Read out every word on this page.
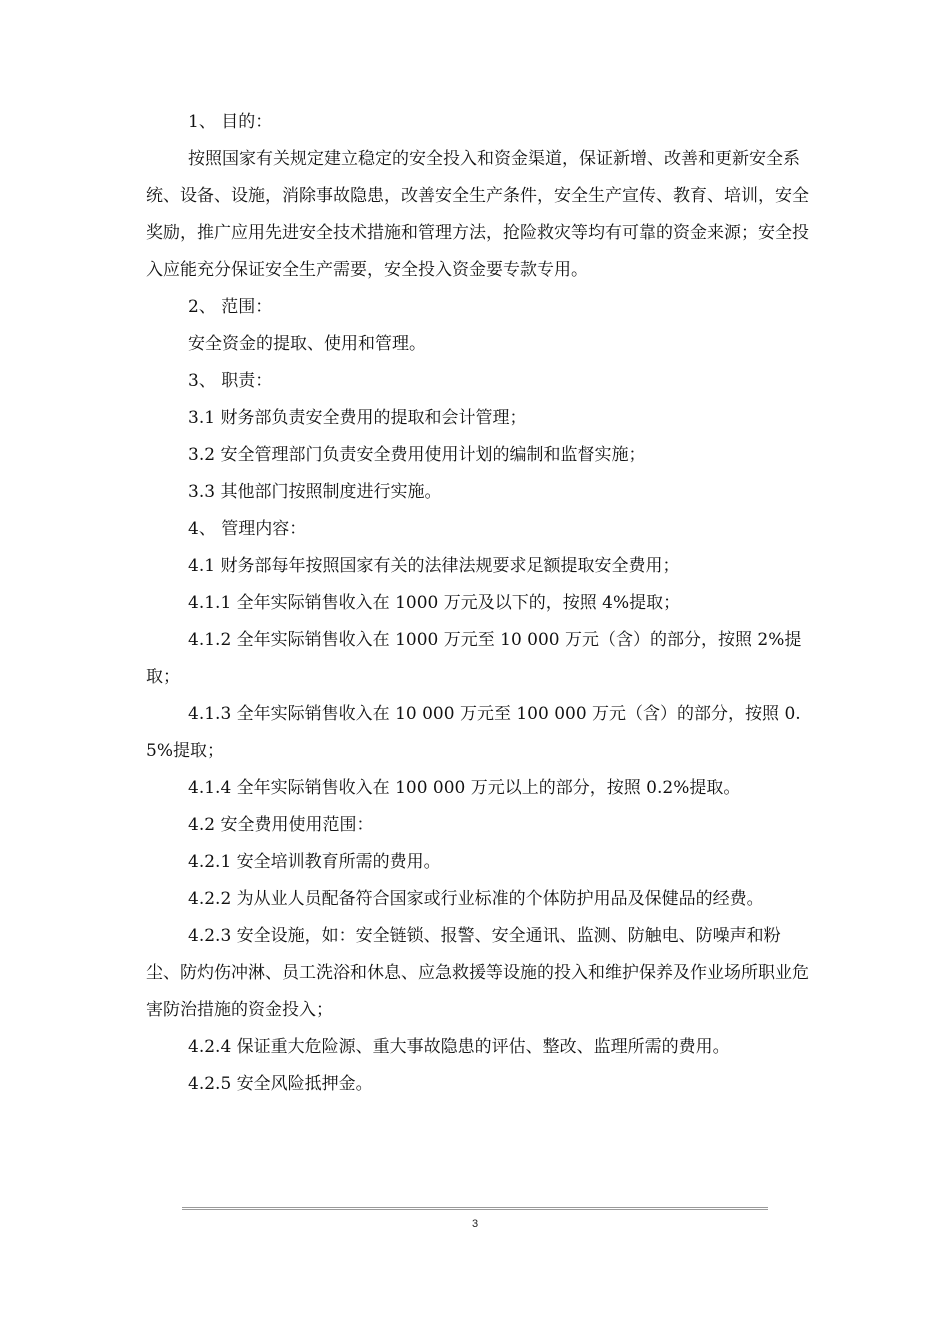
1、 目的：

按照国家有关规定建立稳定的安全投入和资金渠道，保证新增、改善和更新安全系统、设备、设施，消除事故隐患，改善安全生产条件，安全生产宣传、教育、培训，安全奖励，推广应用先进安全技术措施和管理方法，抢险救灾等均有可靠的资金来源；安全投入应能充分保证安全生产需要，安全投入资金要专款专用。

2、 范围：

安全资金的提取、使用和管理。

3、 职责：

3.1 财务部负责安全费用的提取和会计管理；

3.2 安全管理部门负责安全费用使用计划的编制和监督实施；

3.3 其他部门按照制度进行实施。

4、 管理内容：

4.1 财务部每年按照国家有关的法律法规要求足额提取安全费用；

4.1.1 全年实际销售收入在 1000 万元及以下的，按照 4%提取；

4.1.2 全年实际销售收入在 1000 万元至 10 000 万元（含）的部分，按照 2%提取；

4.1.3 全年实际销售收入在 10 000 万元至 100 000 万元（含）的部分，按照 0.5%提取；

4.1.4 全年实际销售收入在 100 000 万元以上的部分，按照 0.2%提取。

4.2 安全费用使用范围：

4.2.1 安全培训教育所需的费用。

4.2.2 为从业人员配备符合国家或行业标准的个体防护用品及保健品的经费。

4.2.3 安全设施，如：安全链锁、报警、安全通讯、监测、防触电、防噪声和粉尘、防灼伤冲淋、员工洗浴和休息、应急救援等设施的投入和维护保养及作业场所职业危害防治措施的资金投入；

4.2.4 保证重大危险源、重大事故隐患的评估、整改、监理所需的费用。

4.2.5 安全风险抵押金。

3
